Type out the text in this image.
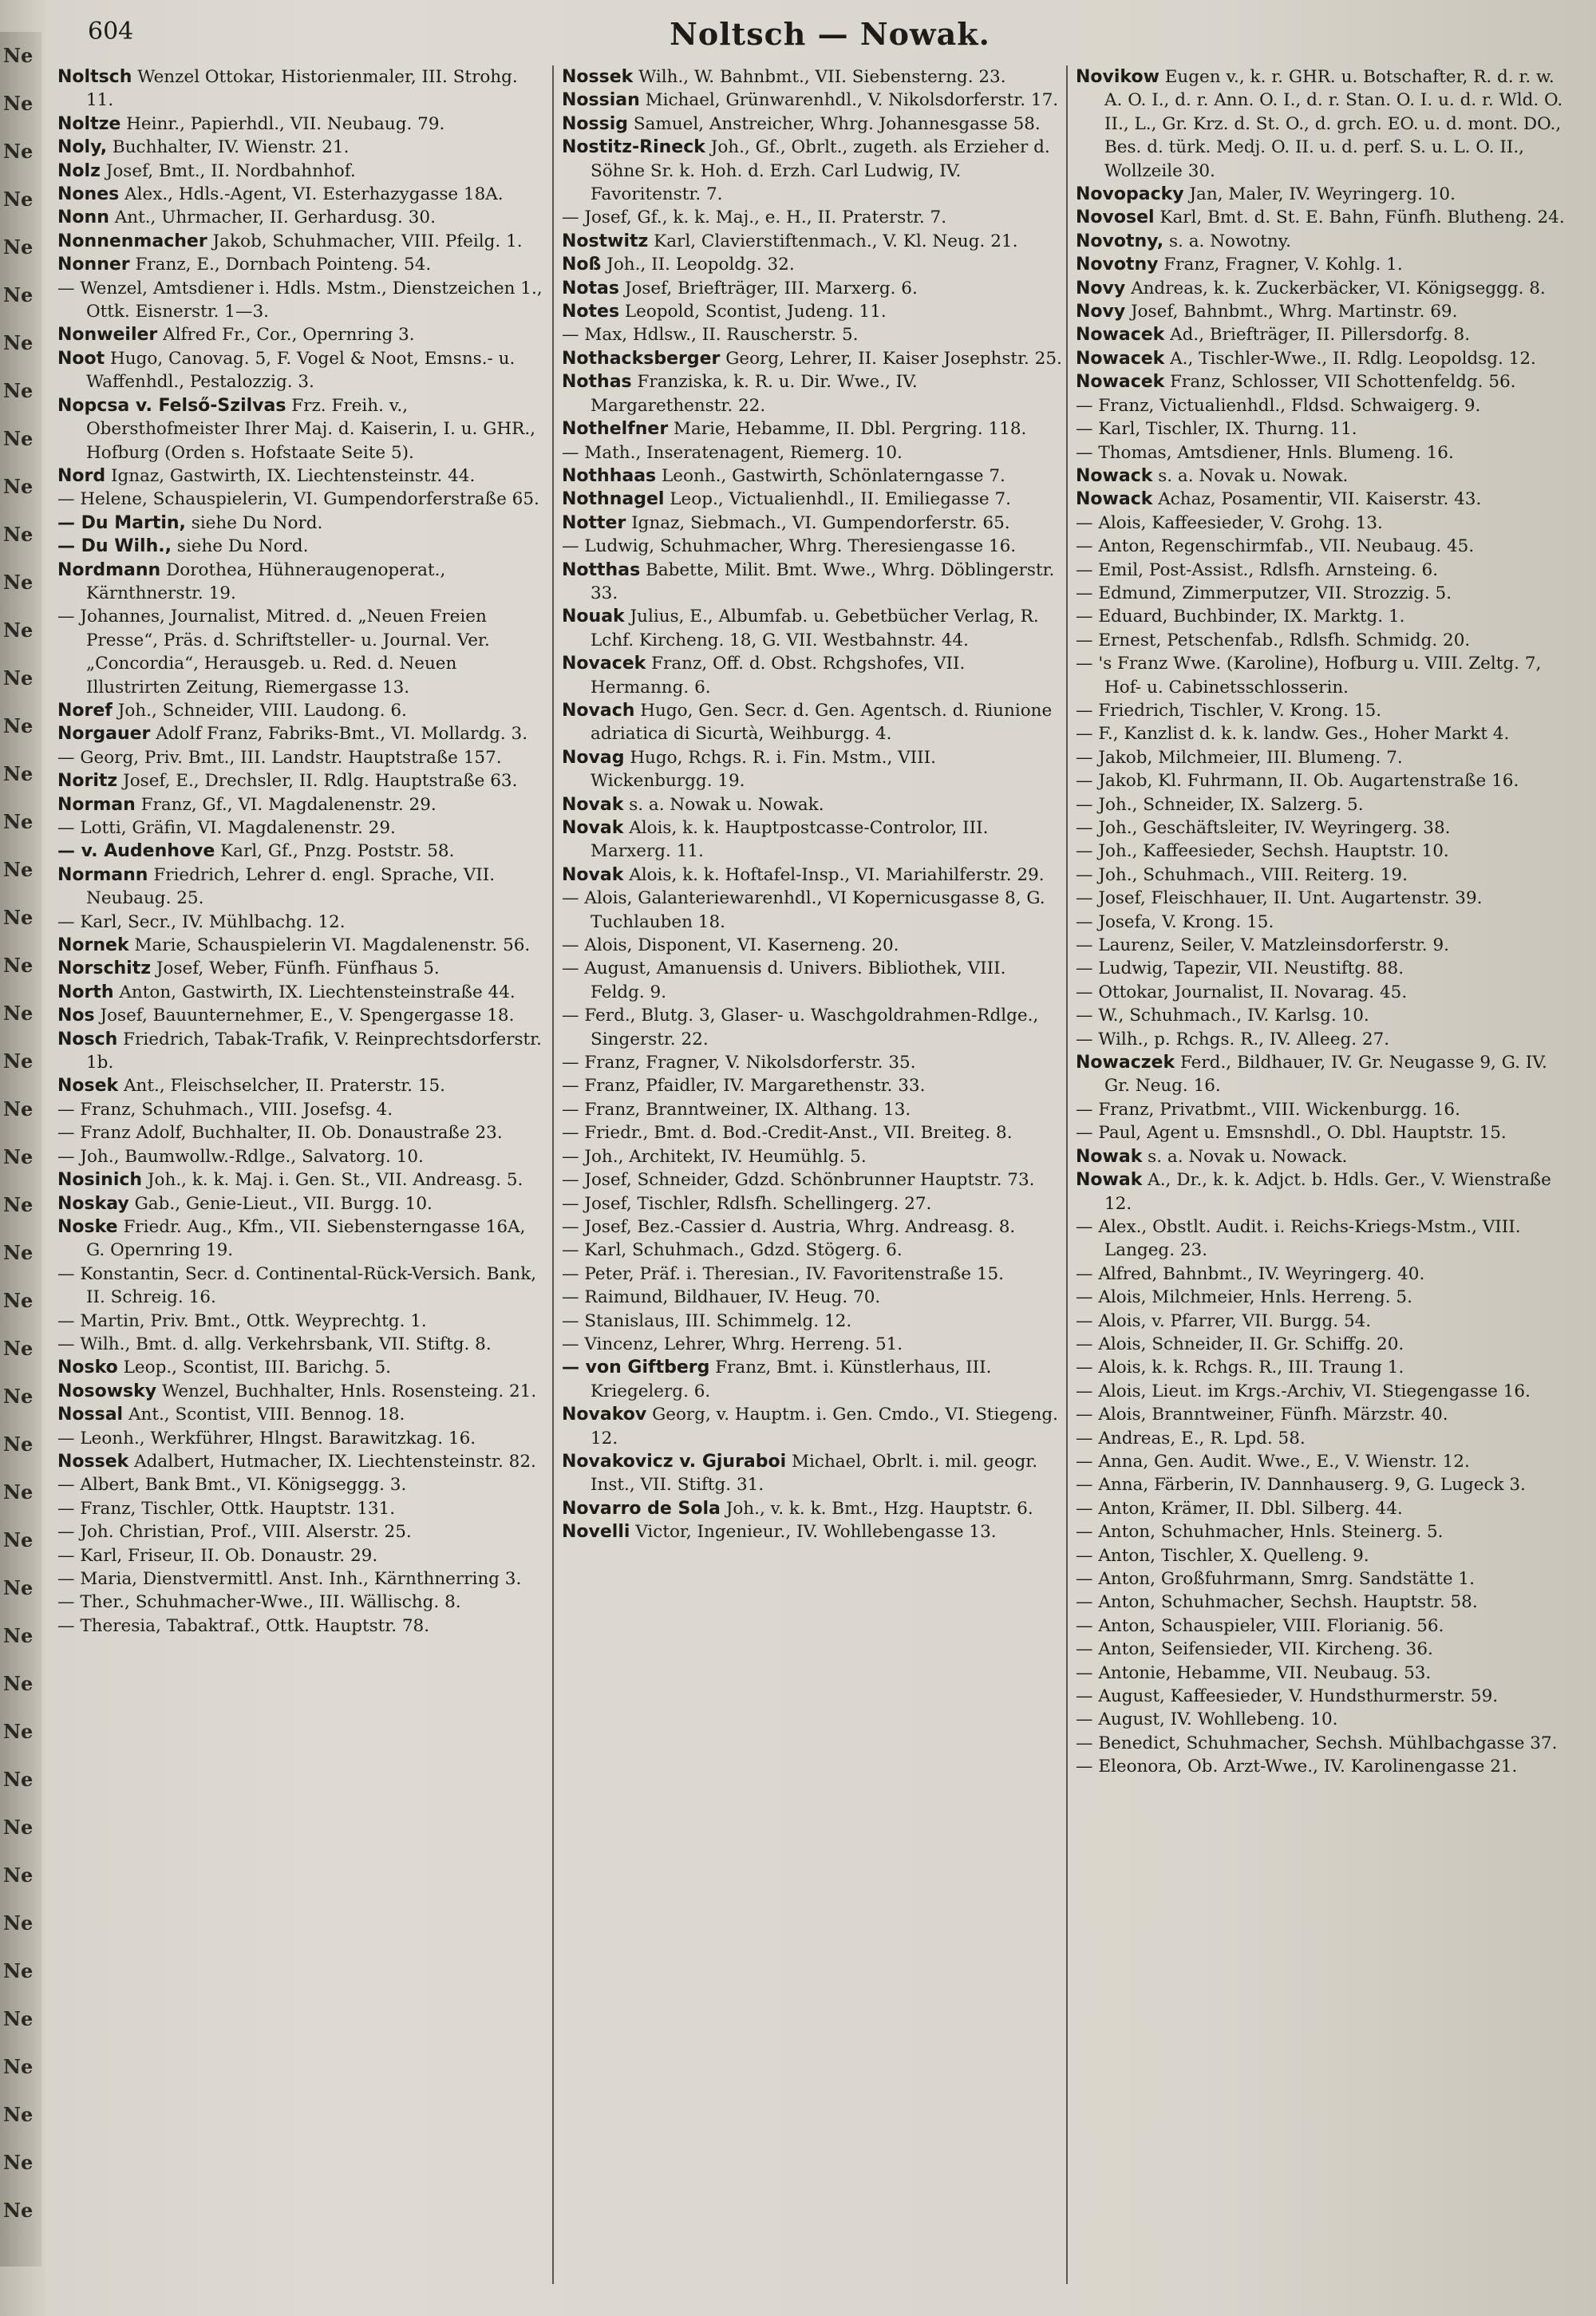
Ne
Ne
Ne
Ne
Ne
Ne
Ne
Ne
Ne
Ne
Ne
Ne
Ne
Ne
Ne
Ne
Ne
Ne
Ne
Ne
Ne
Ne
Ne
Ne
Ne
Ne
Ne
Ne
Ne
Ne
Ne
Ne
Ne
Ne
Ne
Ne
Ne
Ne
Ne
Ne
Ne
Ne
Ne
Ne
Ne
Ne
604	Noltsch — Nowak.
Noltsch Wenzel Ottokar, Historienmaler, III. Strohg. 11.
Noltze Heinr., Papierhdl., VII. Neubaug. 79.
Noly, Buchhalter, IV. Wienstr. 21.
Nolz Josef, Bmt., II. Nordbahnhof.
Nones Alex., Hdls.-Agent, VI. Esterhazygasse 18A.
Nonn Ant., Uhrmacher, II. Gerhardusg. 30.
Nonnenmacher Jakob, Schuhmacher, VIII. Pfeilg. 1.
Nonner Franz, E., Dornbach Pointeng. 54.
— Wenzel, Amtsdiener i. Hdls. Mstm., Dienstzeichen 1., Ottk. Eisnerstr. 1—3.
Nonweiler Alfred Fr., Cor., Opernring 3.
Noot Hugo, Canovag. 5, F. Vogel & Noot, Emsns.- u. Waffenhdl., Pestalozzig. 3.
Nopcsa v. Felső-Szilvas Frz. Freih. v., Obersthofmeister Ihrer Maj. d. Kaiserin, I. u. GHR., Hofburg (Orden s. Hofstaate Seite 5).
Nord Ignaz, Gastwirth, IX. Liechtensteinstr. 44.
— Helene, Schauspielerin, VI. Gumpendorferstraße 65.
— Du Martin, siehe Du Nord.
— Du Wilh., siehe Du Nord.
Nordmann Dorothea, Hühneraugenoperat., Kärnthnerstr. 19.
— Johannes, Journalist, Mitred. d. „Neuen Freien Presse“, Präs. d. Schriftsteller- u. Journal. Ver. „Concordia“, Herausgeb. u. Red. d. Neuen Illustrirten Zeitung, Riemergasse 13.
Noref Joh., Schneider, VIII. Laudong. 6.
Norgauer Adolf Franz, Fabriks-Bmt., VI. Mollardg. 3.
— Georg, Priv. Bmt., III. Landstr. Hauptstraße 157.
Noritz Josef, E., Drechsler, II. Rdlg. Hauptstraße 63.
Norman Franz, Gf., VI. Magdalenenstr. 29.
— Lotti, Gräfin, VI. Magdalenenstr. 29.
— v. Audenhove Karl, Gf., Pnzg. Poststr. 58.
Normann Friedrich, Lehrer d. engl. Sprache, VII. Neubaug. 25.
— Karl, Secr., IV. Mühlbachg. 12.
Nornek Marie, Schauspielerin VI. Magdalenenstr. 56.
Norschitz Josef, Weber, Fünfh. Fünfhaus 5.
North Anton, Gastwirth, IX. Liechtensteinstraße 44.
Nos Josef, Bauunternehmer, E., V. Spengergasse 18.
Nosch Friedrich, Tabak-Trafik, V. Reinprechtsdorferstr. 1b.
Nosek Ant., Fleischselcher, II. Praterstr. 15.
— Franz, Schuhmach., VIII. Josefsg. 4.
— Franz Adolf, Buchhalter, II. Ob. Donaustraße 23.
— Joh., Baumwollw.-Rdlge., Salvatorg. 10.
Nosinich Joh., k. k. Maj. i. Gen. St., VII. Andreasg. 5.
Noskay Gab., Genie-Lieut., VII. Burgg. 10.
Noske Friedr. Aug., Kfm., VII. Siebensterngasse 16A, G. Opernring 19.
— Konstantin, Secr. d. Continental-Rück-Versich. Bank, II. Schreig. 16.
— Martin, Priv. Bmt., Ottk. Weyprechtg. 1.
— Wilh., Bmt. d. allg. Verkehrsbank, VII. Stiftg. 8.
Nosko Leop., Scontist, III. Barichg. 5.
Nosowsky Wenzel, Buchhalter, Hnls. Rosensteing. 21.
Nossal Ant., Scontist, VIII. Bennog. 18.
— Leonh., Werkführer, Hlngst. Barawitzkag. 16.
Nossek Adalbert, Hutmacher, IX. Liechtensteinstr. 82.
— Albert, Bank Bmt., VI. Königseggg. 3.
— Franz, Tischler, Ottk. Hauptstr. 131.
— Joh. Christian, Prof., VIII. Alserstr. 25.
— Karl, Friseur, II. Ob. Donaustr. 29.
— Maria, Dienstvermittl. Anst. Inh., Kärnthnerring 3.
— Ther., Schuhmacher-Wwe., III. Wällischg. 8.
— Theresia, Tabaktraf., Ottk. Hauptstr. 78.
Nossek Wilh., W. Bahnbmt., VII. Siebensterng. 23.
Nossian Michael, Grünwarenhdl., V. Nikolsdorferstr. 17.
Nossig Samuel, Anstreicher, Whrg. Johannesgasse 58.
Nostitz-Rineck Joh., Gf., Obrlt., zugeth. als Erzieher d. Söhne Sr. k. Hoh. d. Erzh. Carl Ludwig, IV. Favoritenstr. 7.
— Josef, Gf., k. k. Maj., e. H., II. Praterstr. 7.
Nostwitz Karl, Clavierstiftenmach., V. Kl. Neug. 21.
Noß Joh., II. Leopoldg. 32.
Notas Josef, Briefträger, III. Marxerg. 6.
Notes Leopold, Scontist, Judeng. 11.
— Max, Hdlsw., II. Rauscherstr. 5.
Nothacksberger Georg, Lehrer, II. Kaiser Josephstr. 25.
Nothas Franziska, k. R. u. Dir. Wwe., IV. Margarethenstr. 22.
Nothelfner Marie, Hebamme, II. Dbl. Pergring. 118.
— Math., Inseratenagent, Riemerg. 10.
Nothhaas Leonh., Gastwirth, Schönlaterngasse 7.
Nothnagel Leop., Victualienhdl., II. Emiliegasse 7.
Notter Ignaz, Siebmach., VI. Gumpendorferstr. 65.
— Ludwig, Schuhmacher, Whrg. Theresiengasse 16.
Notthas Babette, Milit. Bmt. Wwe., Whrg. Döblingerstr. 33.
Nouak Julius, E., Albumfab. u. Gebetbücher Verlag, R. Lchf. Kircheng. 18, G. VII. Westbahnstr. 44.
Novacek Franz, Off. d. Obst. Rchgshofes, VII. Hermanng. 6.
Novach Hugo, Gen. Secr. d. Gen. Agentsch. d. Riunione adriatica di Sicurtà, Weihburgg. 4.
Novag Hugo, Rchgs. R. i. Fin. Mstm., VIII. Wickenburgg. 19.
Novak s. a. Nowak u. Nowak.
Novak Alois, k. k. Hauptpostcasse-Controlor, III. Marxerg. 11.
Novak Alois, k. k. Hoftafel-Insp., VI. Mariahilferstr. 29.
— Alois, Galanteriewarenhdl., VI Kopernicusgasse 8, G. Tuchlauben 18.
— Alois, Disponent, VI. Kaserneng. 20.
— August, Amanuensis d. Univers. Bibliothek, VIII. Feldg. 9.
— Ferd., Blutg. 3, Glaser- u. Waschgoldrahmen-Rdlge., Singerstr. 22.
— Franz, Fragner, V. Nikolsdorferstr. 35.
— Franz, Pfaidler, IV. Margarethenstr. 33.
— Franz, Branntweiner, IX. Althang. 13.
— Friedr., Bmt. d. Bod.-Credit-Anst., VII. Breiteg. 8.
— Joh., Architekt, IV. Heumühlg. 5.
— Josef, Schneider, Gdzd. Schönbrunner Hauptstr. 73.
— Josef, Tischler, Rdlsfh. Schellingerg. 27.
— Josef, Bez.-Cassier d. Austria, Whrg. Andreasg. 8.
— Karl, Schuhmach., Gdzd. Stögerg. 6.
— Peter, Präf. i. Theresian., IV. Favoritenstraße 15.
— Raimund, Bildhauer, IV. Heug. 70.
— Stanislaus, III. Schimmelg. 12.
— Vincenz, Lehrer, Whrg. Herreng. 51.
— von Giftberg Franz, Bmt. i. Künstlerhaus, III. Kriegelerg. 6.
Novakov Georg, v. Hauptm. i. Gen. Cmdo., VI. Stiegeng. 12.
Novakovicz v. Gjuraboi Michael, Obrlt. i. mil. geogr. Inst., VII. Stiftg. 31.
Novarro de Sola Joh., v. k. k. Bmt., Hzg. Hauptstr. 6.
Novelli Victor, Ingenieur., IV. Wohllebengasse 13.
Novikow Eugen v., k. r. GHR. u. Botschafter, R. d. r. w. A. O. I., d. r. Ann. O. I., d. r. Stan. O. I. u. d. r. Wld. O. II., L., Gr. Krz. d. St. O., d. grch. EO. u. d. mont. DO., Bes. d. türk. Medj. O. II. u. d. perf. S. u. L. O. II., Wollzeile 30.
Novopacky Jan, Maler, IV. Weyringerg. 10.
Novosel Karl, Bmt. d. St. E. Bahn, Fünfh. Bluthеng. 24.
Novotny, s. a. Nowotny.
Novotny Franz, Fragner, V. Kohlg. 1.
Novy Andreas, k. k. Zuckerbäcker, VI. Königseggg. 8.
Novy Josef, Bahnbmt., Whrg. Martinstr. 69.
Nowacek Ad., Briefträger, II. Pillersdorfg. 8.
Nowacek A., Tischler-Wwe., II. Rdlg. Leopoldsg. 12.
Nowacek Franz, Schlosser, VII Schottenfeldg. 56.
— Franz, Victualienhdl., Fldsd. Schwaigerg. 9.
— Karl, Tischler, IX. Thurng. 11.
— Thomas, Amtsdiener, Hnls. Blumeng. 16.
Nowack s. a. Novak u. Nowak.
Nowack Achaz, Posamentir, VII. Kaiserstr. 43.
— Alois, Kaffeesieder, V. Grohg. 13.
— Anton, Regenschirmfab., VII. Neubaug. 45.
— Emil, Post-Assist., Rdlsfh. Arnsteing. 6.
— Edmund, Zimmerputzer, VII. Strozzig. 5.
— Eduard, Buchbinder, IX. Marktg. 1.
— Ernest, Petschenfab., Rdlsfh. Schmidg. 20.
— 's Franz Wwe. (Karoline), Hofburg u. VIII. Zeltg. 7, Hof- u. Cabinetsschlosserin.
— Friedrich, Tischler, V. Krong. 15.
— F., Kanzlist d. k. k. landw. Ges., Hoher Markt 4.
— Jakob, Milchmeier, III. Blumeng. 7.
— Jakob, Kl. Fuhrmann, II. Ob. Augartenstraße 16.
— Joh., Schneider, IX. Salzerg. 5.
— Joh., Geschäftsleiter, IV. Weyringerg. 38.
— Joh., Kaffeesieder, Sechsh. Hauptstr. 10.
— Joh., Schuhmach., VIII. Reiterg. 19.
— Josef, Fleischhauer, II. Unt. Augartenstr. 39.
— Josefa, V. Krong. 15.
— Laurenz, Seiler, V. Matzleinsdorferstr. 9.
— Ludwig, Tapezir, VII. Neustiftg. 88.
— Ottokar, Journalist, II. Novarag. 45.
— W., Schuhmach., IV. Karlsg. 10.
— Wilh., p. Rchgs. R., IV. Alleeg. 27.
Nowaczek Ferd., Bildhauer, IV. Gr. Neugasse 9, G. IV. Gr. Neug. 16.
— Franz, Privatbmt., VIII. Wickenburgg. 16.
— Paul, Agent u. Emsnshdl., O. Dbl. Hauptstr. 15.
Nowak s. a. Novak u. Nowack.
Nowak A., Dr., k. k. Adjct. b. Hdls. Ger., V. Wienstraße 12.
— Alex., Obstlt. Audit. i. Reichs-Kriegs-Mstm., VIII. Langeg. 23.
— Alfred, Bahnbmt., IV. Weyringerg. 40.
— Alois, Milchmeier, Hnls. Herreng. 5.
— Alois, v. Pfarrer, VII. Burgg. 54.
— Alois, Schneider, II. Gr. Schiffg. 20.
— Alois, k. k. Rchgs. R., III. Traung 1.
— Alois, Lieut. im Krgs.-Archiv, VI. Stiegengasse 16.
— Alois, Branntweiner, Fünfh. Märzstr. 40.
— Andreas, E., R. Lpd. 58.
— Anna, Gen. Audit. Wwe., E., V. Wienstr. 12.
— Anna, Färberin, IV. Dannhauserg. 9, G. Lugeck 3.
— Anton, Krämer, II. Dbl. Silberg. 44.
— Anton, Schuhmacher, Hnls. Steinerg. 5.
— Anton, Tischler, X. Quelleng. 9.
— Anton, Großfuhrmann, Smrg. Sandstätte 1.
— Anton, Schuhmacher, Sechsh. Hauptstr. 58.
— Anton, Schauspieler, VIII. Florianig. 56.
— Anton, Seifensieder, VII. Kircheng. 36.
— Antonie, Hebamme, VII. Neubaug. 53.
— August, Kaffeesieder, V. Hundsthurmerstr. 59.
— August, IV. Wohllebeng. 10.
— Benedict, Schuhmacher, Sechsh. Mühlbachgasse 37.
— Eleonora, Ob. Arzt-Wwe., IV. Karolinengasse 21.
